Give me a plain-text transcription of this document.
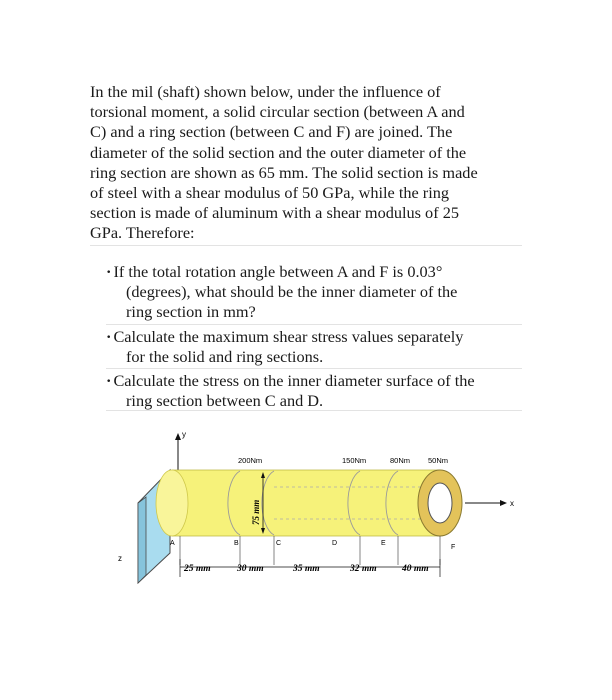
In the mil (shaft) shown below, under the influence of
torsional moment, a solid circular section (between A and
C) and a ring section (between C and F) are joined. The
diameter of the solid section and the outer diameter of the
ring section are shown as 65 mm. The solid section is made
of steel with a shear modulus of 50 GPa, while the ring
section is made of aluminum with a shear modulus of 25
GPa. Therefore:
· If the total rotation angle between A and F is 0.03°
(degrees), what should be the inner diameter of the
ring section in mm?
· Calculate the maximum shear stress values separately
for the solid and ring sections.
· Calculate the stress on the inner diameter surface of the
ring section between C and D.
y
z
x
200Nm	150Nm	80Nm 50Nm
75 mm
A	B	C	D	E
F
25 mm	30 mm	35 mm	32 mm	40 mm
